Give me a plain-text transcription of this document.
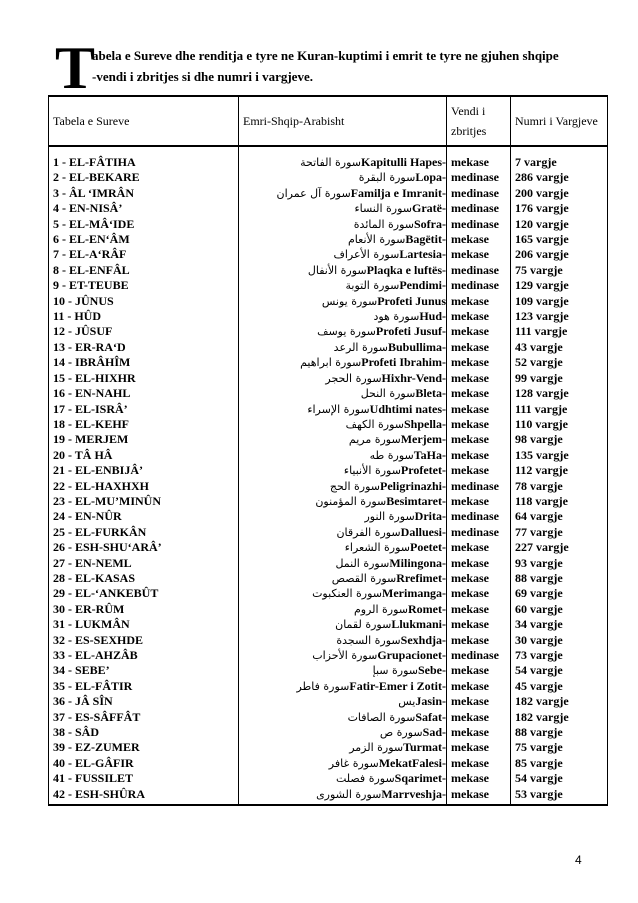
T
abela e Sureve dhe renditja e tyre ne Kuran-kuptimi i emrit te tyre ne gjuhen shqipe -vendi i zbritjes si dhe numri i vargjeve.
Tabela e Sureve	Emri-Shqip-Arabisht	Vendi i zbritjes	Numri i Vargjeve
1 - EL-FÂTIHA	سورة الفاتحةKapitulli Hapes-	mekase	7 vargje
2 - EL-BEKARE	سورة البقرةLopa-	medinase	286 vargje
3 - ÂL ‘IMRÂN	سورة آل عمرانFamilja e Imranit-	medinase	200 vargje
4 - EN-NISÂ’	سورة النساءGratë-	medinase	176 vargje
5 - EL-MÂ‘IDE	سورة المائدةSofra-	medinase	120 vargje
6 - EL-EN‘ÂM	سورة الأنعامBagëtit-	mekase	165 vargje
7 - EL-A‘RÂF	سورة الأعرافLartesia-	mekase	206 vargje
8 - EL-ENFÂL	سورة الأنفالPlaqka e luftës-	medinase	75 vargje
9 - ET-TEUBE	سورة التوبةPendimi-	medinase	129 vargje
10 - JÛNUS	سورة يونسProfeti Junus	mekase	109 vargje
11 - HÛD	سورة هودHud-	mekase	123 vargje
12 - JÛSUF	سورة يوسفProfeti Jusuf-	mekase	111 vargje
13 - ER-RA‘D	سورة الرعدBubullima-	mekase	43 vargje
14 - IBRÂHÎM	سورة ابراهيمProfeti Ibrahim-	mekase	52 vargje
15 - EL-HIXHR	سورة الحجرHixhr-Vend-	mekase	99 vargje
16 - EN-NAHL	سورة النحلBleta-	mekase	128 vargje
17 - EL-ISRÂ’	سورة الإسراءUdhtimi nates-	mekase	111 vargje
18 - EL-KEHF	سورة الكهفShpella-	mekase	110 vargje
19 - MERJEM	سورة مريمMerjem-	mekase	98 vargje
20 - TÂ HÂ	سورة طهTaHa-	mekase	135 vargje
21 - EL-ENBIJÂ’	سورة الأنبياءProfetet-	mekase	112 vargje
22 - EL-HAXHXH	سورة الحجPeligrinazhi-	medinase	78 vargje
23 - EL-MU’MINÛN	سورة المؤمنونBesimtaret-	mekase	118 vargje
24 - EN-NÛR	سورة النورDrita-	medinase	64 vargje
25 - EL-FURKÂN	سورة الفرقانDalluesi-	medinase	77 vargje
26 - ESH-SHU‘ARÂ’	سورة الشعراءPoetet-	mekase	227 vargje
27 - EN-NEML	سورة النملMilingona-	mekase	93 vargje
28 - EL-KASAS	سورة القصصRrefimet-	mekase	88 vargje
29 - EL-‘ANKEBÛT	سورة العنكبوتMerimanga-	mekase	69 vargje
30 - ER-RÛM	سورة الرومRomet-	mekase	60 vargje
31 - LUKMÂN	سورة لقمانLlukmani-	mekase	34 vargje
32 - ES-SEXHDE	سورة السجدةSexhdja-	mekase	30 vargje
33 - EL-AHZÂB	سورة الأحزابGrupacionet-	medinase	73 vargje
34 - SEBE’	سورة سبإSebe-	mekase	54 vargje
35 - EL-FÂTIR	سورة فاطرFatir-Emer i Zotit-	mekase	45 vargje
36 - JÂ SÎN	يسJasin-	mekase	182 vargje
37 - ES-SÂFFÂT	سورة الصافاتSafat-	mekase	182 vargje
38 - SÂD	سورة صSad-	mekase	88 vargje
39 - EZ-ZUMER	سورة الزمرTurmat-	mekase	75 vargje
40 - EL-GÂFIR	سورة غافرMekatFalesi-	mekase	85 vargje
41 - FUSSILET	سورة فصلتSqarimet-	mekase	54 vargje
42 - ESH-SHÛRA	سورة الشورىMarrveshja-	mekase	53 vargje
4
